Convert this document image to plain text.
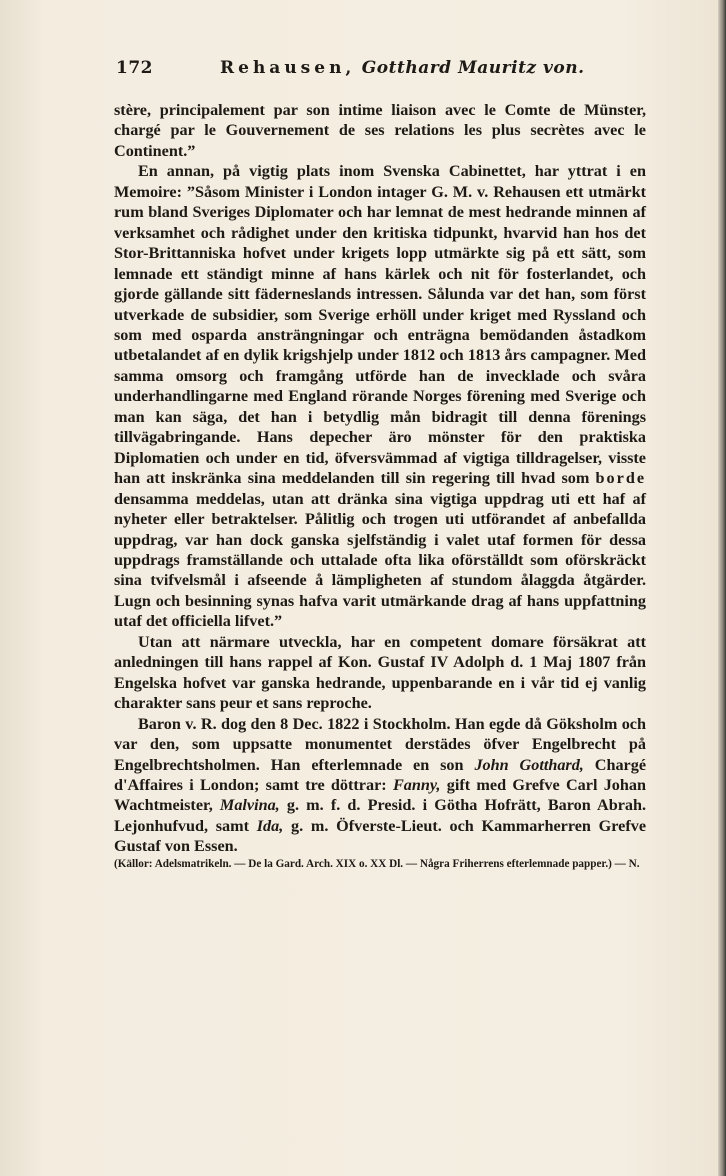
172	Rehausen, Gotthard Mauritz von.

stère, principalement par son intime liaison avec le Comte de Münster, chargé par le Gouvernement de ses relations les plus secrètes avec le Continent.”

En annan, på vigtig plats inom Svenska Cabinettet, har yttrat i en Memoire: ”Såsom Minister i London intager G. M. v. Rehausen ett utmärkt rum bland Sveriges Diplomater och har lemnat de mest hedrande minnen af verksamhet och rådighet under den kritiska tidpunkt, hvarvid han hos det Stor-Brittanniska hofvet under krigets lopp utmärkte sig på ett sätt, som lemnade ett ständigt minne af hans kärlek och nit för fosterlandet, och gjorde gällande sitt fäderneslands intressen. Sålunda var det han, som först utverkade de subsidier, som Sverige erhöll under kriget med Ryssland och som med osparda ansträngningar och enträgna bemödanden åstadkom utbetalandet af en dylik krigshjelp under 1812 och 1813 års campagner. Med samma omsorg och framgång utförde han de invecklade och svåra underhandlingarne med England rörande Norges förening med Sverige och man kan säga, det han i betydlig mån bidragit till denna förenings tillvägabringande. Hans depecher äro mönster för den praktiska Diplomatien och under en tid, öfversvämmad af vigtiga tilldragelser, visste han att inskränka sina meddelanden till sin regering till hvad som borde densamma meddelas, utan att dränka sina vigtiga uppdrag uti ett haf af nyheter eller betraktelser. Pålitlig och trogen uti utförandet af anbefallda uppdrag, var han dock ganska sjelfständig i valet utaf formen för dessa uppdrags framställande och uttalade ofta lika oförställdt som oförskräckt sina tvifvelsmål i afseende å lämpligheten af stundom ålaggda åtgärder. Lugn och besinning synas hafva varit utmärkande drag af hans uppfattning utaf det officiella lifvet.”

Utan att närmare utveckla, har en competent domare försäkrat att anledningen till hans rappel af Kon. Gustaf IV Adolph d. 1 Maj 1807 från Engelska hofvet var ganska hedrande, uppenbarande en i vår tid ej vanlig charakter sans peur et sans reproche.

Baron v. R. dog den 8 Dec. 1822 i Stockholm. Han egde då Göksholm och var den, som uppsatte monumentet derstädes öfver Engelbrecht på Engelbrechtsholmen. Han efterlemnade en son John Gotthard, Chargé d'Affaires i London; samt tre döttrar: Fanny, gift med Grefve Carl Johan Wachtmeister, Malvina, g. m. f. d. Presid. i Götha Hofrätt, Baron Abrah. Lejonhufvud, samt Ida, g. m. Öfverste-Lieut. och Kammarherren Grefve Gustaf von Essen.

(Källor: Adelsmatrikeln. — De la Gard. Arch. XIX o. XX Dl. — Några Friherrens efterlemnade papper.) — N.
